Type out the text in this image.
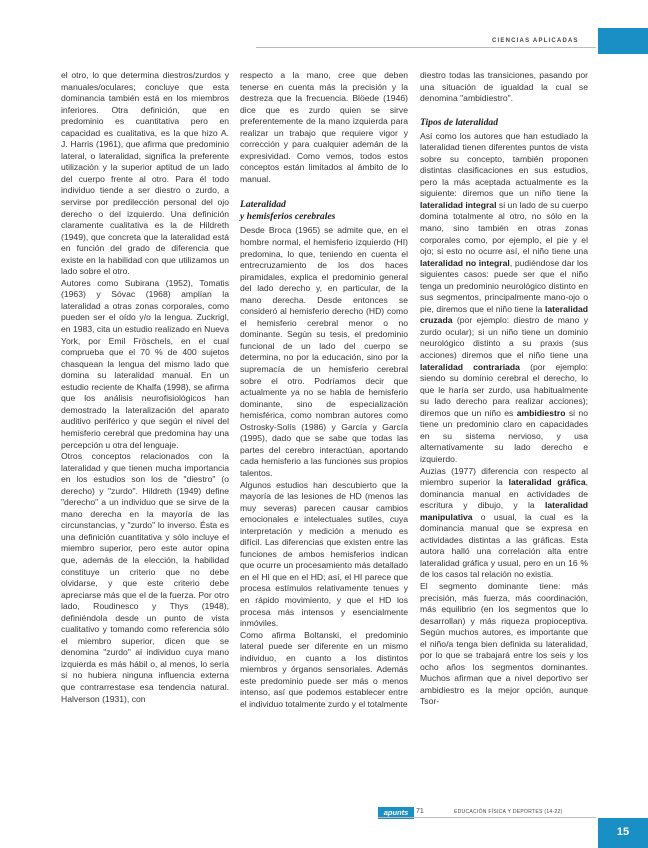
CIENCIAS APLICADAS

el otro, lo que determina diestros/zurdos y manuales/oculares; concluye que esta dominancia también está en los miembros inferiores. Otra definición, que en predominio es cuantitativa pero en capacidad es cualitativa, es la que hizo A. J. Harris (1961), que afirma que predominio lateral, o lateralidad, significa la preferente utilización y la superior aptitud de un lado del cuerpo frente al otro. Para él todo individuo tiende a ser diestro o zurdo, a servirse por predilección personal del ojo derecho o del izquierdo. Una definición claramente cualitativa es la de Hildreth (1949), que concreta que la lateralidad está en función del grado de diferencia que existe en la habilidad con que utilizamos un lado sobre el otro.

Autores como Subirana (1952), Tomatis (1963) y Sóvac (1968) amplían la lateralidad a otras zonas corporales, como pueden ser el oído y/o la lengua. Zuckrigl, en 1983, cita un estudio realizado en Nueva York, por Emil Fröschels, en el cual comprueba que el 70 % de 400 sujetos chasquean la lengua del mismo lado que domina su lateralidad manual. En un estudio reciente de Khalfa (1998), se afirma que los análisis neurofisiológicos han demostrado la lateralización del aparato auditivo periférico y que según el nivel del hemisferio cerebral que predomina hay una percepción u otra del lenguaje.

Otros conceptos relacionados con la lateralidad y que tienen mucha importancia en los estudios son los de "diestro" (o derecho) y "zurdo". Hildreth (1949) define "derecho" a un individuo que se sirve de la mano derecha en la mayoría de las circunstancias, y "zurdo" lo inverso. Ésta es una definición cuantitativa y sólo incluye el miembro superior, pero este autor opina que, además de la elección, la habilidad constituye un criterio que no debe olvidarse, y que este criterio debe apreciarse más que el de la fuerza. Por otro lado, Roudinesco y Thys (1948), definiéndola desde un punto de vista cualitativo y tomando como referencia sólo el miembro superior, dicen que se denomina "zurdo" al individuo cuya mano izquierda es más hábil o, al menos, lo sería si no hubiera ninguna influencia externa que contrarrestase esa tendencia natural. Halverson (1931), con

respecto a la mano, cree que deben tenerse en cuenta más la precisión y la destreza que la frecuencia. Blöede (1946) dice que es zurdo quien se sirve preferentemente de la mano izquierda para realizar un trabajo que requiere vigor y corrección y para cualquier ademán de la expresividad. Como vemos, todos estos conceptos están limitados al ámbito de lo manual.

Lateralidad
y hemisferios cerebrales

Desde Broca (1965) se admite que, en el hombre normal, el hemisferio izquierdo (HI) predomina, lo que, teniendo en cuenta el entrecruzamiento de los dos haces piramidales, explica el predominio general del lado derecho y, en particular, de la mano derecha. Desde entonces se consideró al hemisferio derecho (HD) como el hemisferio cerebral menor o no dominante. Según su tesis, el predominio funcional de un lado del cuerpo se determina, no por la educación, sino por la supremacía de un hemisferio cerebral sobre el otro. Podríamos decir que actualmente ya no se habla de hemisferio dominante, sino de especialización hemisférica, como nombran autores como Ostrosky-Solís (1986) y García y García (1995), dado que se sabe que todas las partes del cerebro interactúan, aportando cada hemisferio a las funciones sus propios talentos.

Algunos estudios han descubierto que la mayoría de las lesiones de HD (menos las muy severas) parecen causar cambios emocionales e intelectuales sutiles, cuya interpretación y medición a menudo es difícil. Las diferencias que existen entre las funciones de ambos hemisferios indican que ocurre un procesamiento más detallado en el HI que en el HD; así, el HI parece que procesa estímulos relativamente tenues y en rápido movimiento, y que el HD los procesa más intensos y esencialmente inmóviles.

Como afirma Boltanski, el predominio lateral puede ser diferente en un mismo individuo, en cuanto a los distintos miembros y órganos sensoriales. Además este predominio puede ser más o menos intenso, así que podemos establecer entre el individuo totalmente zurdo y el totalmente

diestro todas las transiciones, pasando por una situación de igualdad la cual se denomina "ambidiestro".

Tipos de lateralidad

Así como los autores que han estudiado la lateralidad tienen diferentes puntos de vista sobre su concepto, también proponen distintas clasificaciones en sus estudios, pero la más aceptada actualmente es la siguiente: diremos que un niño tiene la lateralidad integral si un lado de su cuerpo domina totalmente al otro, no sólo en la mano, sino también en otras zonas corporales como, por ejemplo, el pie y el ojo; si esto no ocurre así, el niño tiene una lateralidad no integral, pudiéndose dar los siguientes casos: puede ser que el niño tenga un predominio neurológico distinto en sus segmentos, principalmente mano-ojo o pie, diremos que el niño tiene la lateralidad cruzada (por ejemplo: diestro de mano y zurdo ocular); si un niño tiene un dominio neurológico distinto a su praxis (sus acciones) diremos que el niño tiene una lateralidad contrariada (por ejemplo: siendo su dominio cerebral el derecho, lo que le haría ser zurdo, usa habitualmente su lado derecho para realizar acciones); diremos que un niño es ambidiestro si no tiene un predominio claro en capacidades en su sistema nervioso, y usa alternativamente su lado derecho e izquierdo.

Auzias (1977) diferencia con respecto al miembro superior la lateralidad gráfica, dominancia manual en actividades de escritura y dibujo, y la lateralidad manipulativa o usual, la cual es la dominancia manual que se expresa en actividades distintas a las gráficas. Esta autora halló una correlación alta entre lateralidad gráfica y usual, pero en un 16 % de los casos tal relación no existía.

El segmento dominante tiene: más precisión, más fuerza, más coordinación, más equilibrio (en los segmentos que lo desarrollan) y más riqueza propioceptiva. Según muchos autores, es importante que el niño/a tenga bien definida su lateralidad, por lo que se trabajará entre los seis y los ocho años los segmentos dominantes. Muchos afirman que a nivel deportivo ser ambidiestro es la mejor opción, aunque Tsor-

apunts	71	EDUCACIÓN FÍSICA Y DEPORTES (14-22)
15
